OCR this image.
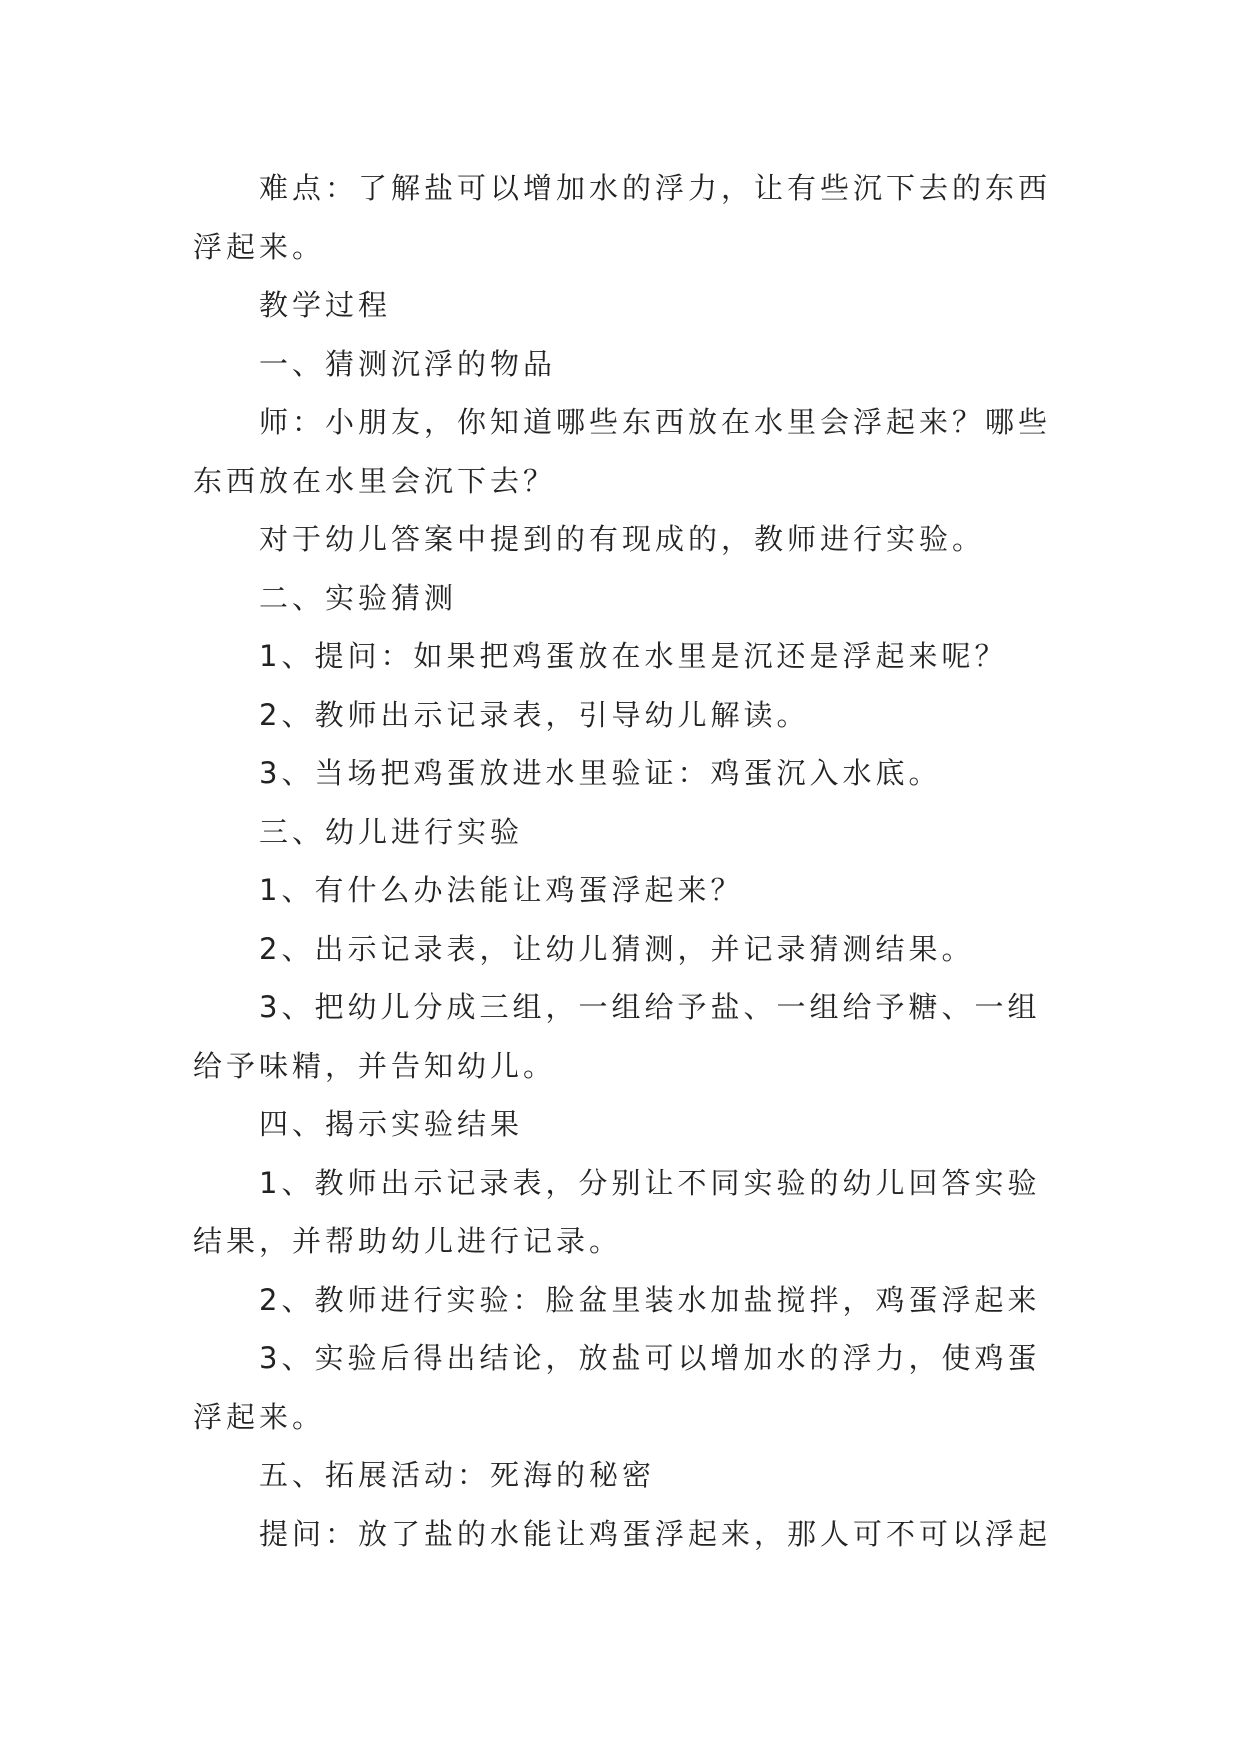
难点：了解盐可以增加水的浮力，让有些沉下去的东西浮起来。

教学过程

一、猜测沉浮的物品

师：小朋友，你知道哪些东西放在水里会浮起来？哪些东西放在水里会沉下去？

对于幼儿答案中提到的有现成的，教师进行实验。

二、实验猜测

1、提问：如果把鸡蛋放在水里是沉还是浮起来呢？

2、教师出示记录表，引导幼儿解读。

3、当场把鸡蛋放进水里验证：鸡蛋沉入水底。

三、幼儿进行实验

1、有什么办法能让鸡蛋浮起来？

2、出示记录表，让幼儿猜测，并记录猜测结果。

3、把幼儿分成三组，一组给予盐、一组给予糖、一组给予味精，并告知幼儿。

四、揭示实验结果

1、教师出示记录表，分别让不同实验的幼儿回答实验结果，并帮助幼儿进行记录。

2、教师进行实验：脸盆里装水加盐搅拌，鸡蛋浮起来

3、实验后得出结论，放盐可以增加水的浮力，使鸡蛋浮起来。

五、拓展活动：死海的秘密

提问：放了盐的水能让鸡蛋浮起来，那人可不可以浮起
